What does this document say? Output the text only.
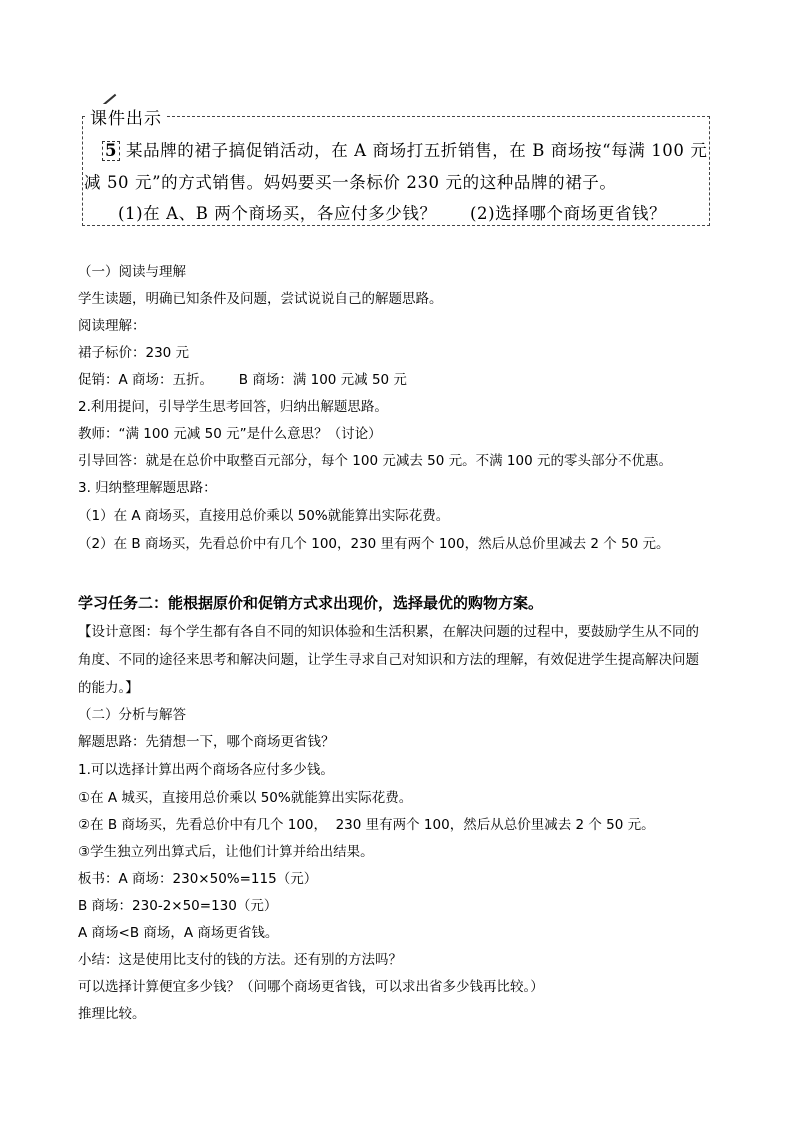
课件出示
5 某品牌的裙子搞促销活动，在 A 商场打五折销售，在 B 商场按“每满 100 元
减 50 元”的方式销售。妈妈要买一条标价 230 元的这种品牌的裙子。
(1)在 A、B 两个商场买，各应付多少钱？ (2)选择哪个商场更省钱？
（一）阅读与理解
学生读题，明确已知条件及问题，尝试说说自己的解题思路。
阅读理解：
裙子标价：230 元
促销：A 商场：五折。      B 商场：满 100 元减 50 元
2.利用提问，引导学生思考回答，归纳出解题思路。
教师：“满 100 元减 50 元”是什么意思？（讨论）
引导回答：就是在总价中取整百元部分，每个 100 元减去 50 元。不满 100 元的零头部分不优惠。
3. 归纳整理解题思路：
（1）在 A 商场买，直接用总价乘以 50%就能算出实际花费。
（2）在 B 商场买，先看总价中有几个 100，230 里有两个 100，然后从总价里减去 2 个 50 元。
学习任务二：能根据原价和促销方式求出现价，选择最优的购物方案。
【设计意图：每个学生都有各自不同的知识体验和生活积累，在解决问题的过程中，要鼓励学生从不同的
角度、不同的途径来思考和解决问题，让学生寻求自己对知识和方法的理解，有效促进学生提高解决问题
的能力。】
（二）分析与解答
解题思路：先猜想一下，哪个商场更省钱？
1.可以选择计算出两个商场各应付多少钱。
①在 A 城买，直接用总价乘以 50%就能算出实际花费。
②在 B 商场买，先看总价中有几个 100，  230 里有两个 100，然后从总价里减去 2 个 50 元。
③学生独立列出算式后，让他们计算并给出结果。
板书：A 商场：230×50%=115（元）
B 商场：230-2×50=130（元）
A 商场<B 商场，A 商场更省钱。
小结：这是使用比支付的钱的方法。还有别的方法吗？
可以选择计算便宜多少钱？（问哪个商场更省钱，可以求出省多少钱再比较。）
推理比较。
